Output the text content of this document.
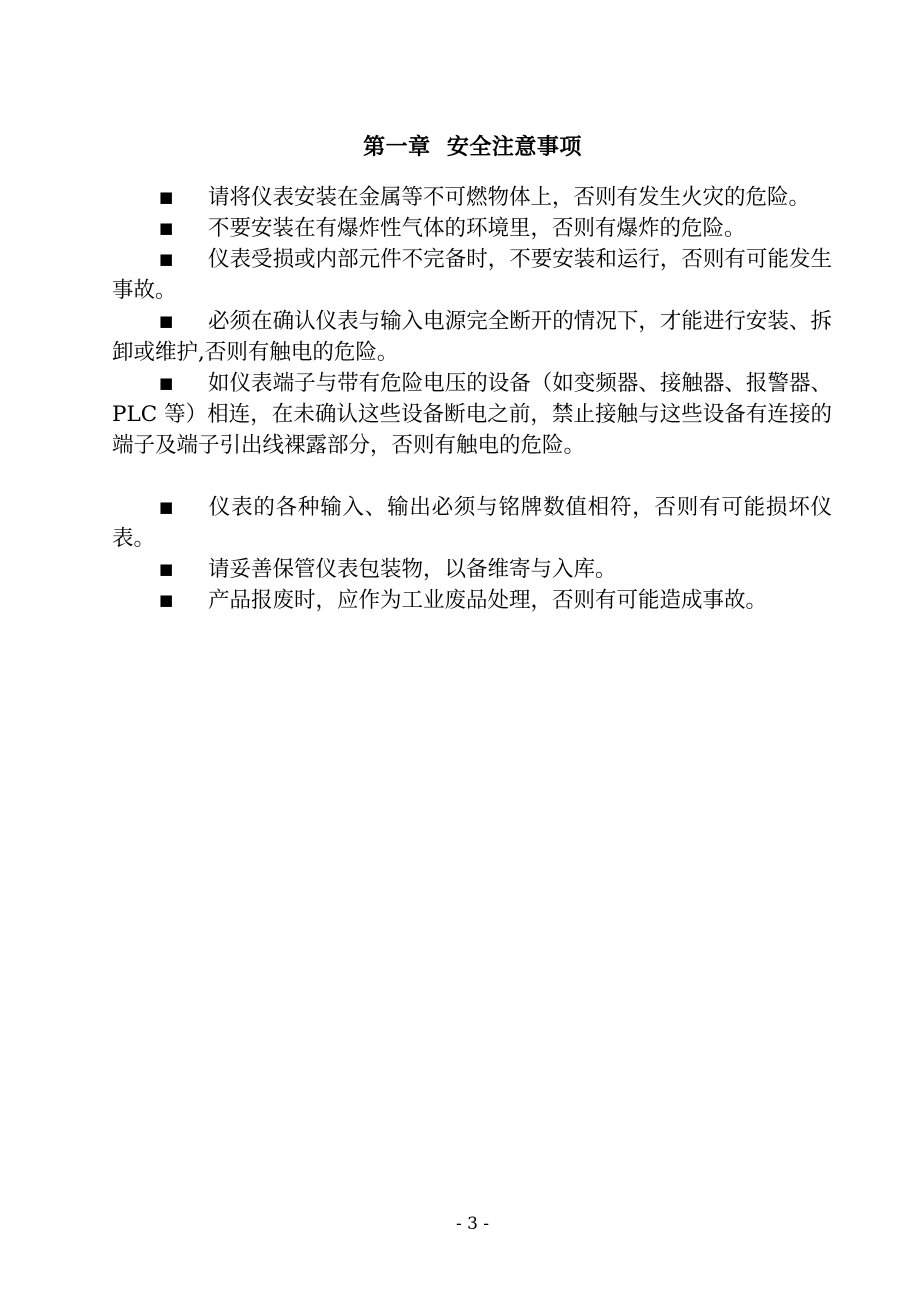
第一章  安全注意事项

■ 请将仪表安装在金属等不可燃物体上，否则有发生火灾的危险。

■ 不要安装在有爆炸性气体的环境里，否则有爆炸的危险。

■ 仪表受损或内部元件不完备时，不要安装和运行，否则有可能发生事故。

■ 必须在确认仪表与输入电源完全断开的情况下，才能进行安装、拆卸或维护,否则有触电的危险。

■ 如仪表端子与带有危险电压的设备（如变频器、接触器、报警器、PLC 等）相连，在未确认这些设备断电之前，禁止接触与这些设备有连接的端子及端子引出线裸露部分，否则有触电的危险。

■ 仪表的各种输入、输出必须与铭牌数值相符，否则有可能损坏仪表。

■ 请妥善保管仪表包装物，以备维寄与入库。

■ 产品报废时，应作为工业废品处理，否则有可能造成事故。

- 3 -
